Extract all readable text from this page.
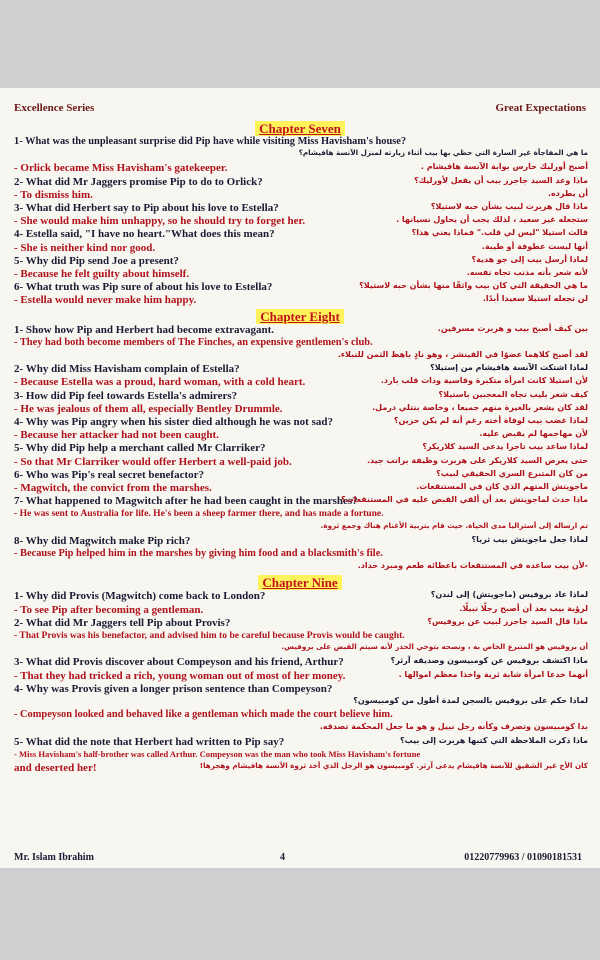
Excellence Series	Great Expectations
Chapter Seven
1- What was the unpleasant surprise did Pip have while visiting Miss Havisham's house?
ما هي المفاجأة غير السارة التي حظي بها بيب أثناء زيارته لمنزل الآنسة هافيشام؟
- Orlick became Miss Havisham's gatekeeper.	أصبح أورليك حارس بوابة الآنسة هافيشام .
2- What did Mr Jaggers promise Pip to do to Orlick?	ماذا وعد السيد جاجرز بيب أن يفعل لأورليك؟
- To dismiss him.	أن يطرده.
3- What did Herbert say to Pip about his love to Estella?	ماذا قال هربرت لبيب بشأن حبه لاستيلا؟
- She would make him unhappy, so he should try to forget her.	ستجعله غير سعيد ، لذلك يجب أن يحاول نسيانها .
4- Estella said, "I have no heart."What does this mean?	قالت استيلا "ليس لي قلب." فماذا يعني هذا؟
- She is neither kind nor good.	أنها ليست عطوفة أو طيبة.
5- Why did Pip send Joe a present?	لماذا أرسل بيب إلى جو هدية؟
- Because he felt guilty about himself.	لأنه شعر بأنه مذنب تجاه نفسه.
6- What truth was Pip sure of about his love to Estella?	ما هي الحقيقة التي كان بيب واثقًا منها بشأن حبه لاستيلا؟
- Estella would never make him happy.	لن تجعله استيلا سعيدا أبدًا.
Chapter Eight
1- Show how Pip and Herbert had become extravagant.	بين كيف أصبح بيب و هربرت مسرفين.
- They had both become members of The Finches, an expensive gentlemen's club.
لقد أصبح كلاهما عضوًا في الفينشز ، وهو نادٍ باهظ الثمن للنبلاء.
2- Why did Miss Havisham complain of Estella?	لماذا اشتكت الآنسة هافيشام من إستيلا؟
- Because Estella was a proud, hard woman, with a cold heart.	لأن استيلا كانت امرأة متكبرة وقاسية وذات قلب بارد.
3- How did Pip feel towards Estella's admirers?	كيف شعر بليب تجاه المعجبين باستيلا؟
- He was jealous of them all, especially Bentley Drummle.	لقد كان يشعر بالغيرة منهم جميعا ، وخاصة بنتلي درمل.
4- Why was Pip angry when his sister died although he was not sad?	لماذا غضب بيب لوفاة أخته رغم أنه لم يكن حزين؟
- Because her attacker had not been caught.	لأن مهاجمها لم يقبض عليه.
5- Why did Pip help a merchant called Mr Clarriker?	لماذا ساعد بيب تاجرا يدعى السيد كلاريكر؟
- So that Mr Clarriker would offer Herbert a well-paid job.	حتى يعرض السيد كلاريكر على هربرت وظيفة براتب جيد.
6- Who was Pip's real secret benefactor?	من كان المتبرع السري الحقيقي لبيب؟
- Magwitch, the convict from the marshes.	ماجويتش المتهم الذي كان في المستنقعات.
7- What happened to Magwitch after he had been caught in the marshes?
ماذا حدث لماجويتش بعد أن ألقي القبض عليه في المستنقعات؟
- He was sent to Australia for life. He's been a sheep farmer there, and has made a fortune.
تم ارساله إلى أستراليا مدى الحياة. حيث قام بتربية الأغنام هناك وجمع ثروة.
8- Why did Magwitch make Pip rich?	لماذا جعل ماجويتش بيب ثريا؟
- Because Pip helped him in the marshes by giving him food and a blacksmith's file.
-لأن بيب ساعده في المستنقعات باعطائه طعم ومبرد حداد.
Chapter Nine
1- Why did Provis (Magwitch) come back to London?	لماذا عاد بروفيس (ماجويتش) إلى لندن؟
- To see Pip after becoming a gentleman.	لرؤية بيب بعد أن أصبح رجلًا نبيلًا.
2- What did Mr Jaggers tell Pip about Provis?	ماذا قال السيد جاجرز لبيب عن بروفيس؟
- That Provis was his benefactor, and advised him to be careful because Provis would be caught.
أن بروفيس هو المتبرع الخاص به ، ونصحه بتوخي الحذر لأنه سيتم القبض على بروفيس.
3- What did Provis discover about Compeyson and his friend, Arthur?	ماذا اكتشف بروفيس عن كومبيسون وصديقه آرثر؟
- That they had tricked a rich, young woman out of most of her money.	أنهما خدعا امرأة شابة ثرية واخذا معظم اموالها .
4- Why was Provis given a longer prison sentence than Compeyson?
لماذا حكم على بروفيس بالسجن لمدة أطول من كومبيسون؟
- Compeyson looked and behaved like a gentleman which made the court believe him.
بدا كومبيسون وتصرف وكأنه رجل نبيل و هو ما جعل المحكمة تصدقه.
5- What did the note that Herbert had written to Pip say?	ماذا ذكرت الملاحظة التي كتبها هربرت إلى بيب؟
- Miss Havisham's half-brother was called Arthur. Compeyson was the man who took Miss Havisham's fortune
and deserted her!	كان الأخ غير الشقيق للآنسة هافيشام يدعى آرثر. كومبيسون هو الرجل الذي أخذ ثروة الآنسة هافيشام وهجرها!
Mr. Islam Ibrahim	4	01220779963 / 01090181531
